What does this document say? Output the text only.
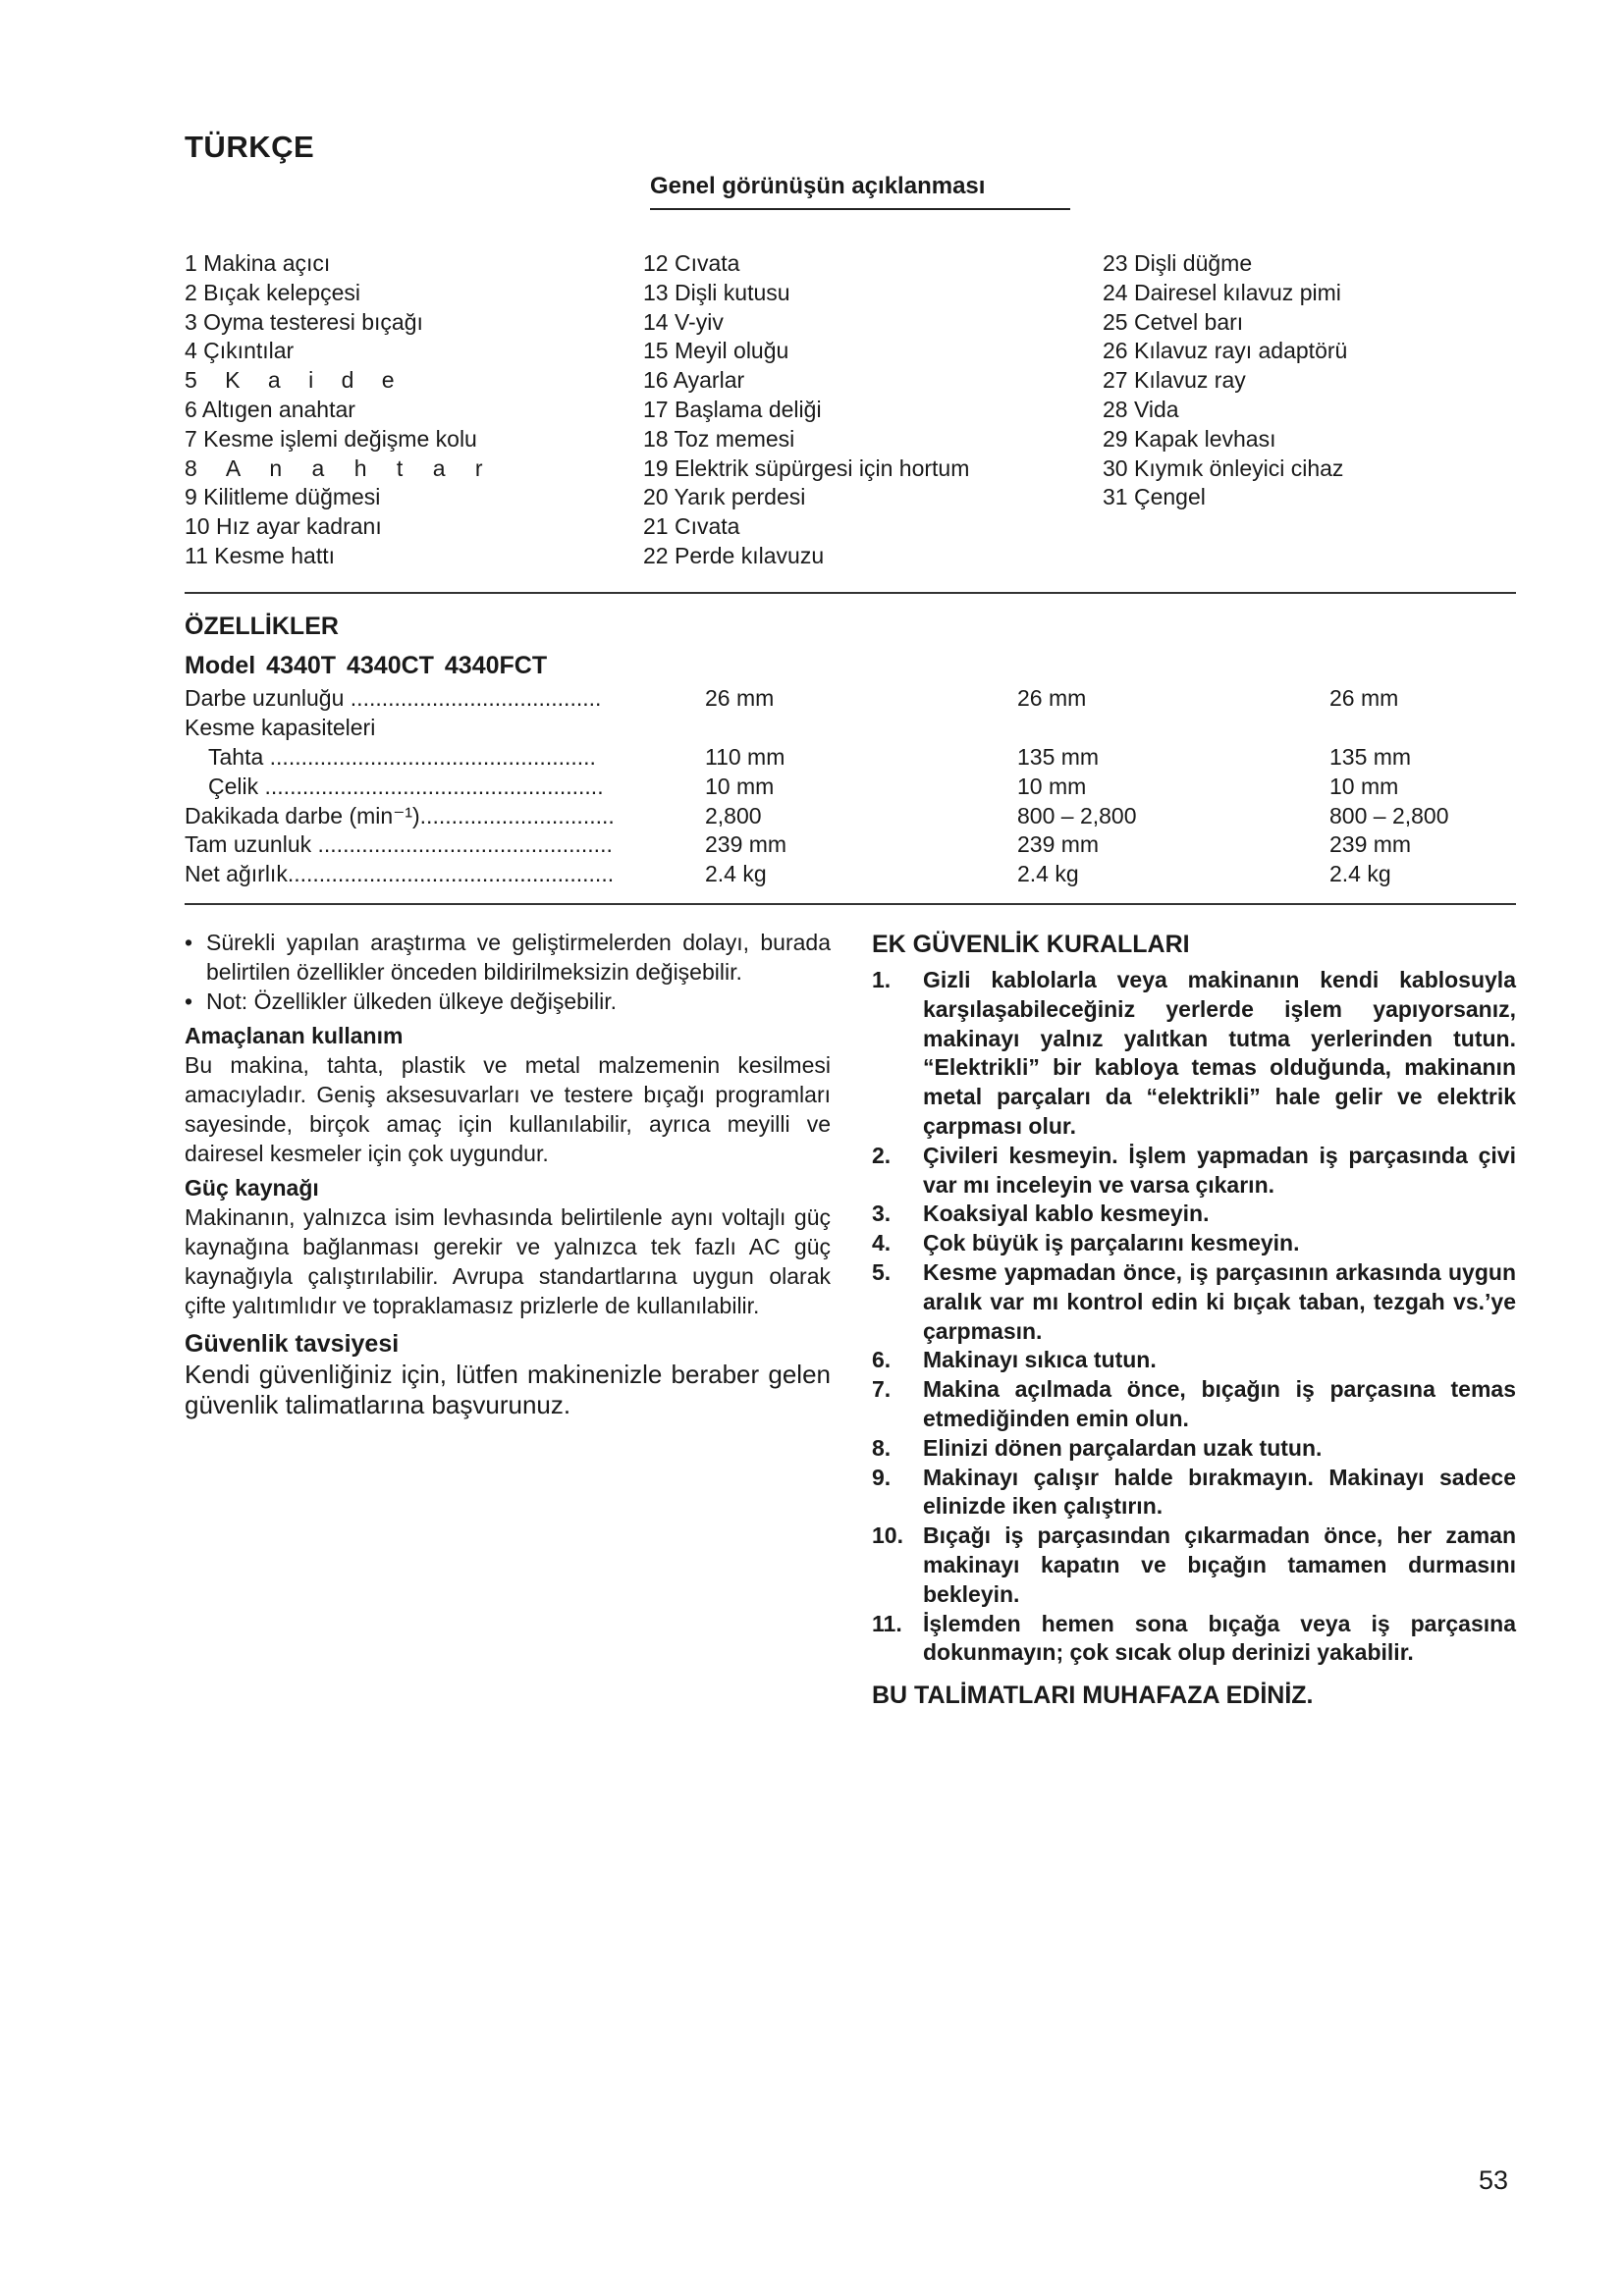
TÜRKÇE
Genel görünüşün açıklanması
1 Makina açıcı
2 Bıçak kelepçesi
3 Oyma testeresi bıçağı
4 Çıkıntılar
5 K a i d e
6 Altıgen anahtar
7 Kesme işlemi değişme kolu
8 A n a h t a r
9 Kilitleme düğmesi
10 Hız ayar kadranı
11 Kesme hattı
12 Cıvata
13 Dişli kutusu
14 V-yiv
15 Meyil oluğu
16 Ayarlar
17 Başlama deliği
18 Toz memesi
19 Elektrik süpürgesi için hortum
20 Yarık perdesi
21 Cıvata
22 Perde kılavuzu
23 Dişli düğme
24 Dairesel kılavuz pimi
25 Cetvel barı
26 Kılavuz rayı adaptörü
27 Kılavuz ray
28 Vida
29 Kapak levhası
30 Kıymık önleyici cihaz
31 Çengel
ÖZELLİKLER
Model 4340T 4340CT 4340FCT
Darbe uzunluğu ........................................	26 mm	26 mm	26 mm
Kesme kapasiteleri
Tahta ....................................................	110 mm	135 mm	135 mm
Çelik ......................................................	10 mm	10 mm	10 mm
Dakikada darbe (min⁻¹)...............................	2,800	800 – 2,800	800 – 2,800
Tam uzunluk ...............................................	239 mm	239 mm	239 mm
Net ağırlık....................................................	2.4 kg	2.4 kg	2.4 kg
• Sürekli yapılan araştırma ve geliştirmelerden dolayı, burada belirtilen özellikler önceden bildirilmeksizin değişebilir.
• Not: Özellikler ülkeden ülkeye değişebilir.
Amaçlanan kullanım

Bu makina, tahta, plastik ve metal malzemenin kesilmesi amacıyladır. Geniş aksesuvarları ve testere bıçağı programları sayesinde, birçok amaç için kullanılabilir, ayrıca meyilli ve dairesel kesmeler için çok uygundur.

Güç kaynağı

Makinanın, yalnızca isim levhasında belirtilenle aynı voltajlı güç kaynağına bağlanması gerekir ve yalnızca tek fazlı AC güç kaynağıyla çalıştırılabilir. Avrupa standartlarına uygun olarak çifte yalıtımlıdır ve topraklamasız prizlerle de kullanılabilir.

Güvenlik tavsiyesi

Kendi güvenliğiniz için, lütfen makinenizle beraber gelen güvenlik talimatlarına başvurunuz.

EK GÜVENLİK KURALLARI
1.	Gizli kablolarla veya makinanın kendi kablosuyla karşılaşabileceğiniz yerlerde işlem yapıyorsanız, makinayı yalnız yalıtkan tutma yerlerinden tutun. “Elektrikli” bir kabloya temas olduğunda, makinanın metal parçaları da “elektrikli” hale gelir ve elektrik çarpması olur.
2.	Çivileri kesmeyin. İşlem yapmadan iş parçasında çivi var mı inceleyin ve varsa çıkarın.
3.	Koaksiyal kablo kesmeyin.
4.	Çok büyük iş parçalarını kesmeyin.
5.	Kesme yapmadan önce, iş parçasının arkasında uygun aralık var mı kontrol edin ki bıçak taban, tezgah vs.’ye çarpmasın.
6.	Makinayı sıkıca tutun.
7.	Makina açılmada önce, bıçağın iş parçasına temas etmediğinden emin olun.
8.	Elinizi dönen parçalardan uzak tutun.
9.	Makinayı çalışır halde bırakmayın. Makinayı sadece elinizde iken çalıştırın.
10. Bıçağı iş parçasından çıkarmadan önce, her zaman makinayı kapatın ve bıçağın tamamen durmasını bekleyin.
11. İşlemden hemen sona bıçağa veya iş parçasına dokunmayın; çok sıcak olup derinizi yakabilir.
BU TALİMATLARI MUHAFAZA EDİNİZ.
53
